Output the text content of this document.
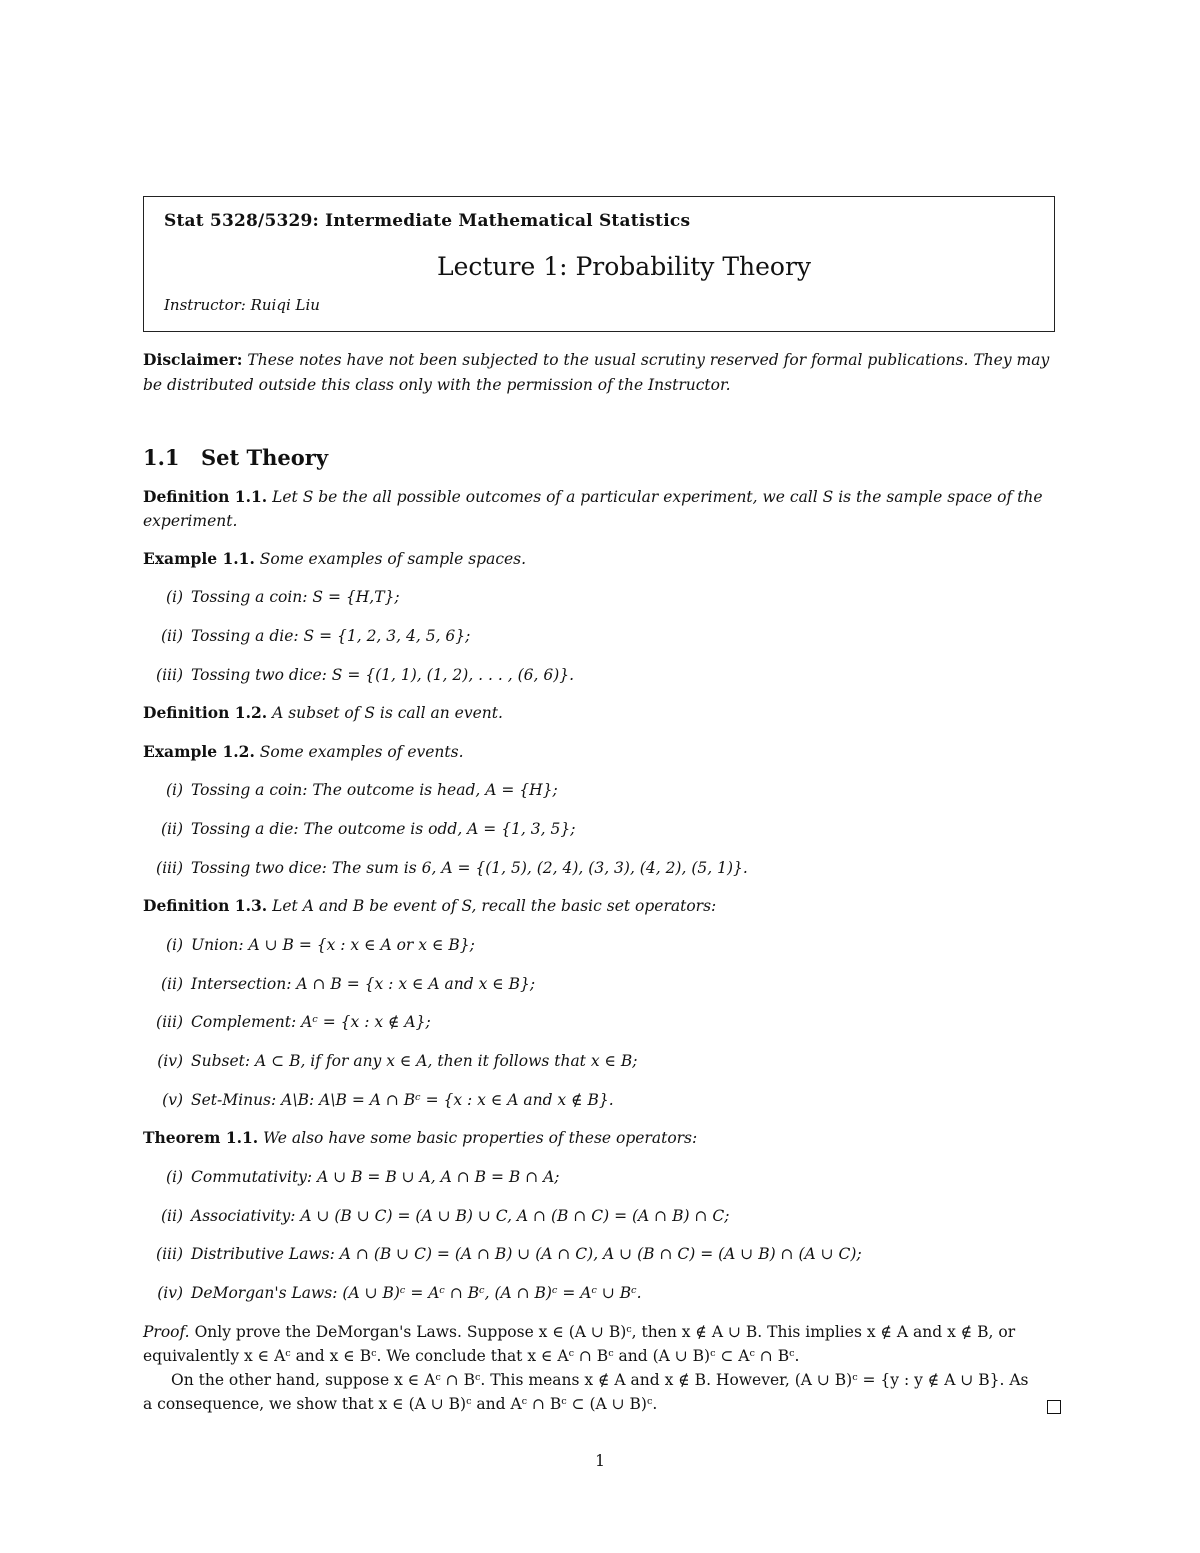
Stat 5328/5329: Intermediate Mathematical Statistics
Lecture 1: Probability Theory
Instructor: Ruiqi Liu
Disclaimer: These notes have not been subjected to the usual scrutiny reserved for formal publications. They may be distributed outside this class only with the permission of the Instructor.
1.1 Set Theory
Definition 1.1. Let S be the all possible outcomes of a particular experiment, we call S is the sample space of the experiment.
Example 1.1. Some examples of sample spaces.
(i) Tossing a coin: S = {H,T};
(ii) Tossing a die: S = {1, 2, 3, 4, 5, 6};
(iii) Tossing two dice: S = {(1, 1), (1, 2), . . . , (6, 6)}.
Definition 1.2. A subset of S is call an event.
Example 1.2. Some examples of events.
(i) Tossing a coin: The outcome is head, A = {H};
(ii) Tossing a die: The outcome is odd, A = {1, 3, 5};
(iii) Tossing two dice: The sum is 6, A = {(1, 5), (2, 4), (3, 3), (4, 2), (5, 1)}.
Definition 1.3. Let A and B be event of S, recall the basic set operators:
(i) Union: A ∪ B = {x : x ∈ A or x ∈ B};
(ii) Intersection: A ∩ B = {x : x ∈ A and x ∈ B};
(iii) Complement: Aᶜ = {x : x ∉ A};
(iv) Subset: A ⊂ B, if for any x ∈ A, then it follows that x ∈ B;
(v) Set-Minus: A\B: A\B = A ∩ Bᶜ = {x : x ∈ A and x ∉ B}.
Theorem 1.1. We also have some basic properties of these operators:
(i) Commutativity: A ∪ B = B ∪ A, A ∩ B = B ∩ A;
(ii) Associativity: A ∪ (B ∪ C) = (A ∪ B) ∪ C, A ∩ (B ∩ C) = (A ∩ B) ∩ C;
(iii) Distributive Laws: A ∩ (B ∪ C) = (A ∩ B) ∪ (A ∩ C), A ∪ (B ∩ C) = (A ∪ B) ∩ (A ∪ C);
(iv) DeMorgan's Laws: (A ∪ B)ᶜ = Aᶜ ∩ Bᶜ, (A ∩ B)ᶜ = Aᶜ ∪ Bᶜ.

Proof. Only prove the DeMorgan's Laws. Suppose x ∈ (A ∪ B)ᶜ, then x ∉ A ∪ B. This implies x ∉ A and x ∉ B, or equivalently x ∈ Aᶜ and x ∈ Bᶜ. We conclude that x ∈ Aᶜ ∩ Bᶜ and (A ∪ B)ᶜ ⊂ Aᶜ ∩ Bᶜ.

On the other hand, suppose x ∈ Aᶜ ∩ Bᶜ. This means x ∉ A and x ∉ B. However, (A ∪ B)ᶜ = {y : y ∉ A ∪ B}. As a consequence, we show that x ∈ (A ∪ B)ᶜ and Aᶜ ∩ Bᶜ ⊂ (A ∪ B)ᶜ.

1
